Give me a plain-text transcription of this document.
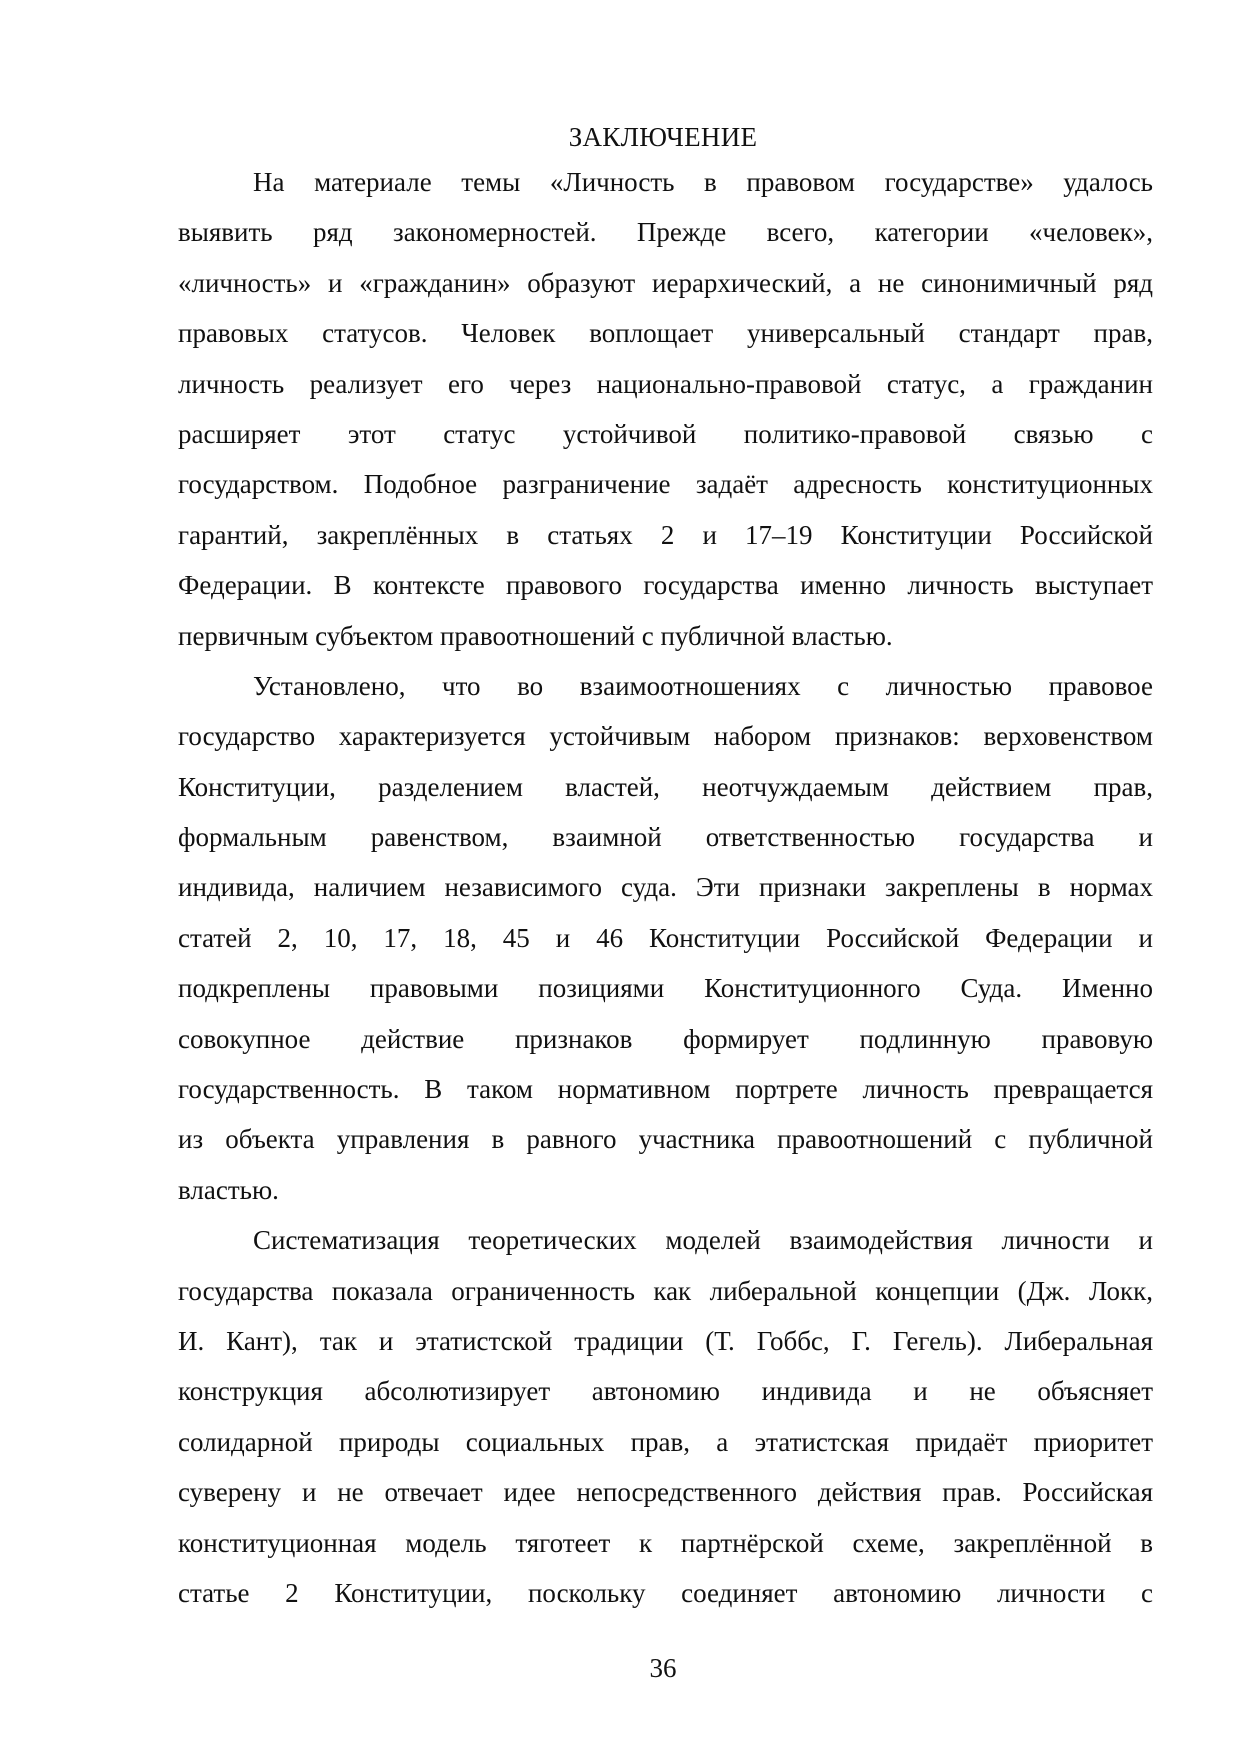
ЗАКЛЮЧЕНИЕ

На материале темы «Личность в правовом государстве» удалось
выявить ряд закономерностей. Прежде всего, категории «человек»,
«личность» и «гражданин» образуют иерархический, а не синонимичный ряд
правовых статусов. Человек воплощает универсальный стандарт прав,
личность реализует его через национально-правовой статус, а гражданин
расширяет этот статус устойчивой политико-правовой связью с
государством. Подобное разграничение задаёт адресность конституционных
гарантий, закреплённых в статьях 2 и 17–19 Конституции Российской
Федерации. В контексте правового государства именно личность выступает
первичным субъектом правоотношений с публичной властью.

Установлено, что во взаимоотношениях с личностью правовое
государство характеризуется устойчивым набором признаков: верховенством
Конституции, разделением властей, неотчуждаемым действием прав,
формальным равенством, взаимной ответственностью государства и
индивида, наличием независимого суда. Эти признаки закреплены в нормах
статей 2, 10, 17, 18, 45 и 46 Конституции Российской Федерации и
подкреплены правовыми позициями Конституционного Суда. Именно
совокупное действие признаков формирует подлинную правовую
государственность. В таком нормативном портрете личность превращается
из объекта управления в равного участника правоотношений с публичной
властью.

Систематизация теоретических моделей взаимодействия личности и
государства показала ограниченность как либеральной концепции (Дж. Локк,
И. Кант), так и этатистской традиции (Т. Гоббс, Г. Гегель). Либеральная
конструкция абсолютизирует автономию индивида и не объясняет
солидарной природы социальных прав, а этатистская придаёт приоритет
суверену и не отвечает идее непосредственного действия прав. Российская
конституционная модель тяготеет к партнёрской схеме, закреплённой в
статье 2 Конституции, поскольку соединяет автономию личности с

36
